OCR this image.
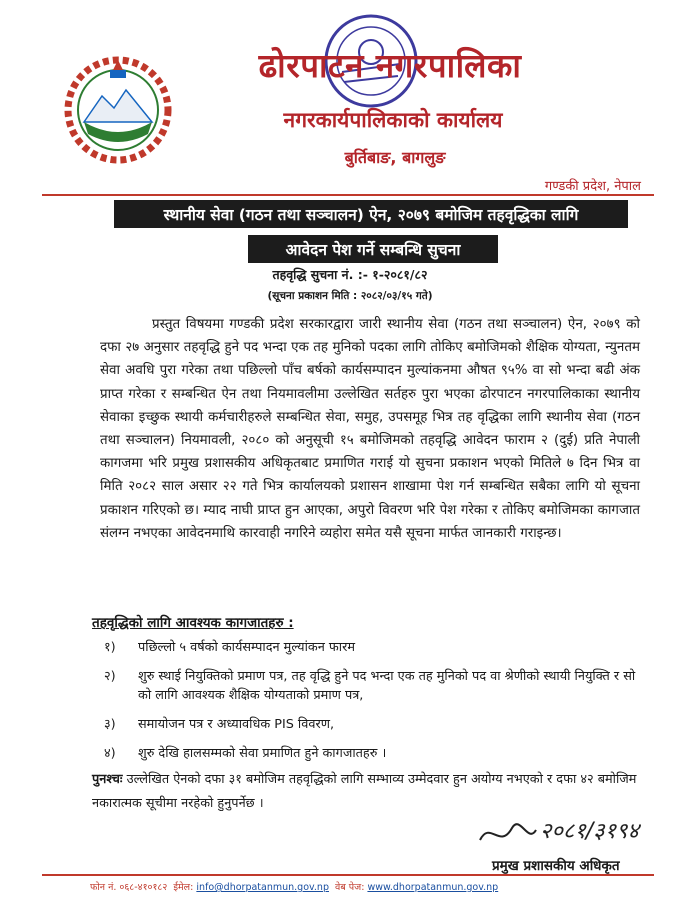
ढोरपाटन नगरपालिका
नगरकार्यपालिकाको कार्यालय
बुर्तिबाङ, बागलुङ
गण्डकी प्रदेश, नेपाल
स्थानीय सेवा (गठन तथा सञ्चालन) ऐन, २०७९ बमोजिम तहवृद्धिका लागि
आवेदन पेश गर्ने सम्बन्धि सुचना
तहवृद्धि सुचना नं. :- १-२०८१/८२
(सूचना प्रकाशन मिति : २०८२/०३/१५ गते)
प्रस्तुत विषयमा गण्डकी प्रदेश सरकारद्वारा जारी स्थानीय सेवा (गठन तथा सञ्चालन) ऐन, २०७९ को दफा २७ अनुसार तहवृद्धि हुने पद भन्दा एक तह मुनिको पदका लागि तोकिए बमोजिमको शैक्षिक योग्यता, न्युनतम सेवा अवधि पुरा गरेका तथा पछिल्लो पाँच बर्षको कार्यसम्पादन मुल्यांकनमा औषत ९५% वा सो भन्दा बढी अंक प्राप्त गरेका र सम्बन्धित ऐन तथा नियमावलीमा उल्लेखित सर्तहरु पुरा भएका ढोरपाटन नगरपालिकाका स्थानीय सेवाका इच्छुक स्थायी कर्मचारीहरुले सम्बन्धित सेवा, समुह, उपसमूह भित्र तह वृद्धिका लागि स्थानीय सेवा (गठन तथा सञ्चालन) नियमावली, २०८० को अनुसूची १५ बमोजिमको तहवृद्धि आवेदन फाराम २ (दुई) प्रति नेपाली कागजमा भरि प्रमुख प्रशासकीय अधिकृतबाट प्रमाणित गराई यो सुचना प्रकाशन भएको मितिले ७ दिन भित्र वा मिति २०८२ साल असार २२ गते भित्र कार्यालयको प्रशासन शाखामा पेश गर्न सम्बन्धित सबैका लागि यो सूचना प्रकाशन गरिएको छ। म्याद नाघी प्राप्त हुन आएका, अपुरो विवरण भरि पेश गरेका र तोकिए बमोजिमका कागजात संलग्न नभएका आवेदनमाथि कारवाही नगरिने व्यहोरा समेत यसै सूचना मार्फत जानकारी गराइन्छ।
तहवृद्धिको लागि आवश्यक कागजातहरु :
१) पछिल्लो ५ वर्षको कार्यसम्पादन मुल्यांकन फारम
२) शुरु स्थाई नियुक्तिको प्रमाण पत्र, तह वृद्धि हुने पद भन्दा एक तह मुनिको पद वा श्रेणीको स्थायी नियुक्ति र सो को लागि आवश्यक शैक्षिक योग्यताको प्रमाण पत्र,
३) समायोजन पत्र र अध्यावधिक PIS विवरण,
४) शुरु देखि हालसम्मको सेवा प्रमाणित हुने कागजातहरु ।
पुनश्चः उल्लेखित ऐनको दफा ३१ बमोजिम तहवृद्धिको लागि सम्भाव्य उम्मेदवार हुन अयोग्य नभएको र दफा ४२ बमोजिम नकारात्मक सूचीमा नरहेको हुनुपर्नेछ ।
२०८१/३१९४
प्रमुख प्रशासकीय अधिकृत
फोन नं. ०६८-४१०१८२ ईमेल: info@dhorpatanmun.gov.np वेब पेज: www.dhorpatanmun.gov.np
